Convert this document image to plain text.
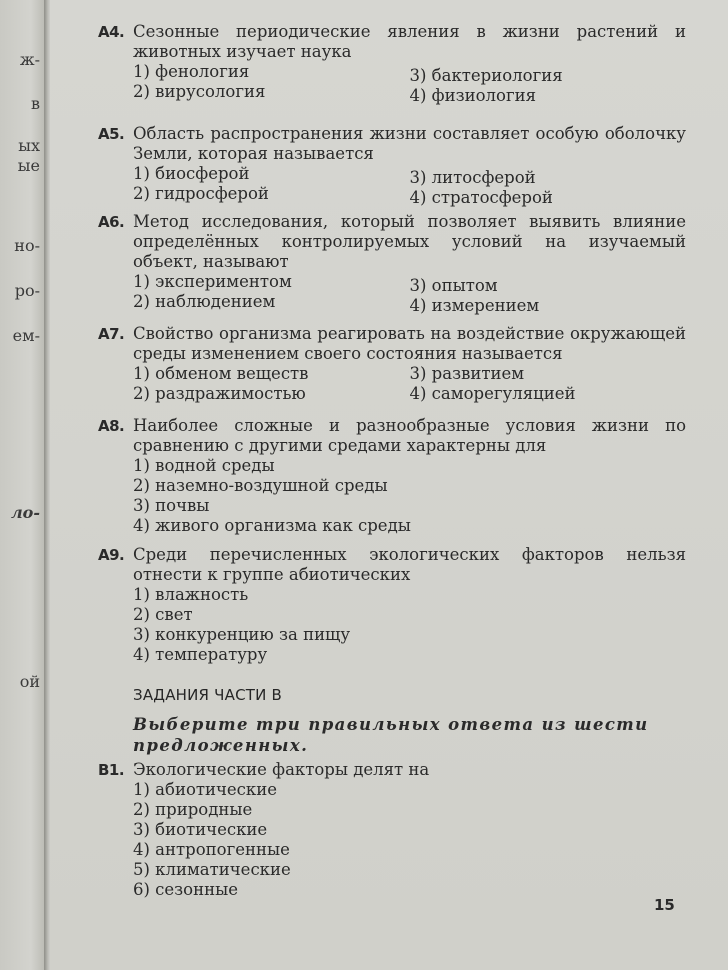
ж-
в
ых
ые
но-
ро-
ем-
ло-
ой
А4. Сезонные периодические явления в жизни растений и животных изучает наука
1) фенология
2) вирусология
3) бактериология
4) физиология
А5. Область распространения жизни составляет особую оболочку Земли, которая называется
1) биосферой
2) гидросферой
3) литосферой
4) стратосферой
А6. Метод исследования, который позволяет выявить влияние определённых контролируемых условий на изучаемый объект, называют
1) экспериментом
2) наблюдением
3) опытом
4) измерением
А7. Свойство организма реагировать на воздействие окружающей среды изменением своего состояния называется
1) обменом веществ
2) раздражимостью
3) развитием
4) саморегуляцией
А8. Наиболее сложные и разнообразные условия жизни по сравнению с другими средами характерны для
1) водной среды
2) наземно-воздушной среды
3) почвы
4) живого организма как среды
А9. Среди перечисленных экологических факторов нельзя отнести к группе абиотических
1) влажность
2) свет
3) конкуренцию за пищу
4) температуру
ЗАДАНИЯ ЧАСТИ В
Выберите три правильных ответа из шести предложенных.
В1. Экологические факторы делят на
1) абиотические
2) природные
3) биотические
4) антропогенные
5) климатические
6) сезонные
15
